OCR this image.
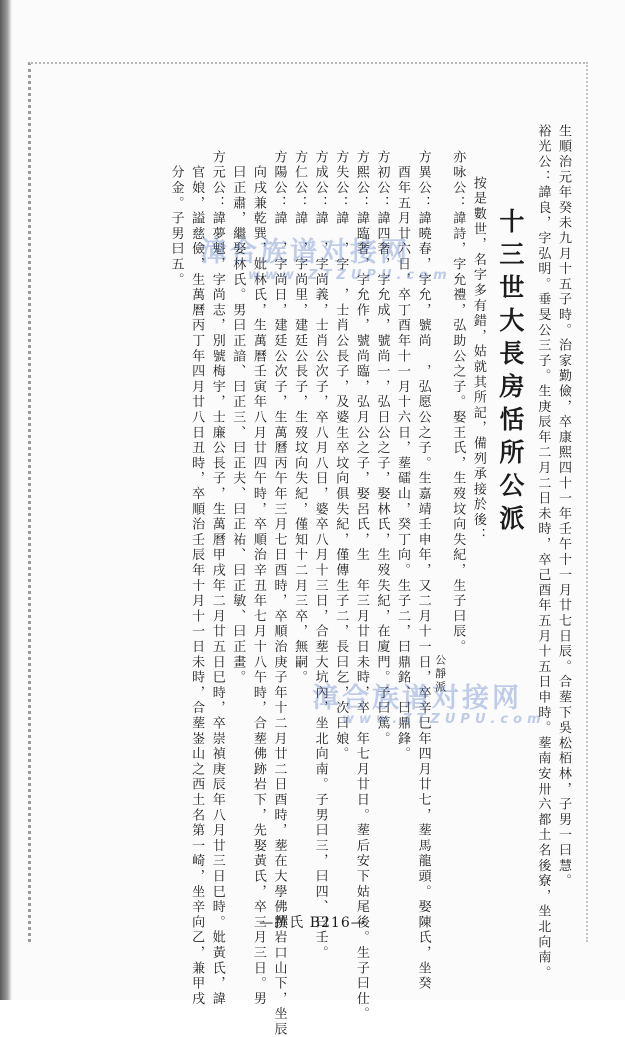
生順治元年癸未九月十五子時。治家勤儉，卒康熙四十一年壬午十一月廿七日辰。合塟下吳松栢林，子男一曰慧。
裕光公：諱良，字弘明。垂旻公三子。生庚辰年二月二日未時，卒己酉年五月十五日申時。塟南安卅六都土名後寮，坐北向南。
十三世大長房恬所公派
按是數世，名字多有錯，姑就其所記，備列承接於後：
亦咏公：諱詩，字允禮，弘助公之子。娶王氏，生歿坟向失紀，生子曰辰。
公靜派
方異公：諱曉春，字允，號尚　，弘愿公之子。生嘉靖壬申年，又二月十一日，卒辛巳年四月廿七，塟馬龍頭。娶陳氏，坐癸
　酉年五月廿六日，卒丁酉年十一月十六日，塟礌山，癸丁向。生子二，曰鼎銘、曰鼎鋒。
方初公：諱四奢，字允成，號尚一，弘日公之子，娶林氏，生歿失紀，在廈門。子曰篤。
方熙公：諱臨奢，字允作，號尚臨，弘月公之子，娶呂氏，生　年三月廿日未時，卒　年七月廿日。塟后安下姑尾後。生子曰仕。
方失公：諱　，字　，士肖公長子，及婆生卒坟向俱失紀，僅傳生子二，長曰乞，次曰娘。
方成公：諱　，字尚義，士肖公次子，卒八月八日，婆卒八月十三日，合塟大坑內，坐北向南。子男曰三，曰四、曰壬。
方仁公：諱　，字尚里，建廷公長子，生歿坟向失紀，僅知十二月三卒，無嗣。
方陽公：諱　，字尚日，建廷公次子，生萬曆丙午年三月七日酉時，卒順治庚子年十二月廿二日酉時，塟在大學佛跡岩口山下，坐辰
　向戌兼乾巽，妣林氏，生萬曆壬寅年八月廿四午時，卒順治辛丑年七月十八午時，合塟佛跡岩下，先娶黃氏，卒三月三日。男
　曰正肅，繼娶林氏。男曰正諳、曰正三、曰正夫、曰正祐、曰正敏、曰正畫。
方元公：諱夢魁，字尚志，別號梅宇，士廉公長子，生萬曆甲戌年二月廿五日巳時，卒崇禎庚辰年八月廿三日巳時。妣黃氏，諱
　官娘，謚慈儉，生萬曆丙丁年四月廿八日丑時，卒順治壬辰年十月十一日未時，合塟崟山之西土名第一崎，坐辛向乙，兼甲戌
　分金。子男曰五。 漳合族谱对接网
www.ZTZUPU.com
漳合族谱对接网
www.ZTZUPU.com
—撰氏 B216—
